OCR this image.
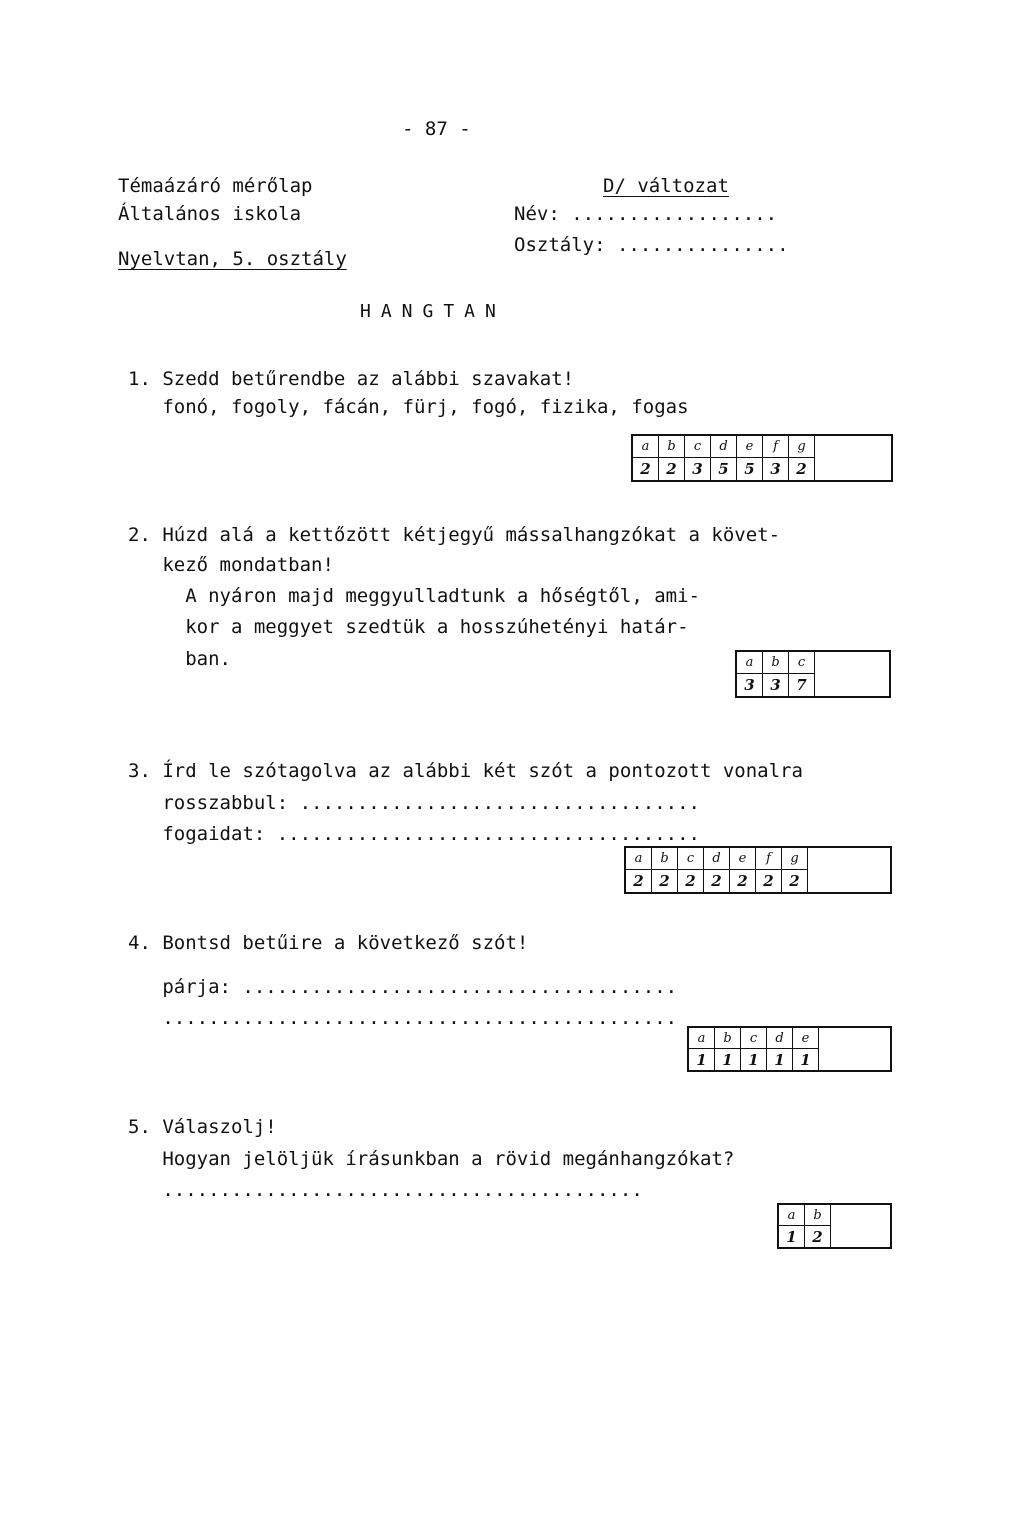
- 87 -
Témaázáró mérőlap
Általános iskola
Nyelvtan, 5. osztály
D/ változat
Név: ..................
Osztály: ...............
HANGTAN
1. Szedd betűrendbe az alábbi szavakat!
fonó, fogoly, fácán, fürj, fogó, fizika, fogas
a
2
b
2
c
3
d
5
e
5
f
3
g
2
2. Húzd alá a kettőzött kétjegyű mássalhangzókat a követ-
kező mondatban!
A nyáron majd meggyulladtunk a hőségtől, ami-
kor a meggyet szedtük a hosszúhetényi határ-
ban.	a
3
b
3
c
7
3. Írd le szótagolva az alábbi két szót a pontozott vonalra
rosszabbul: ...................................
fogaidat: .....................................
a
2
b
2
c
2
d
2
e
2
f
2
g
2
4. Bontsd betűire a következő szót!
párja: ......................................
.............................................
a
1
b
1
c
1
d
1
e
1
5. Válaszolj!
Hogyan jelöljük írásunkban a rövid megánhangzókat?
..........................................
a
1
b
2
